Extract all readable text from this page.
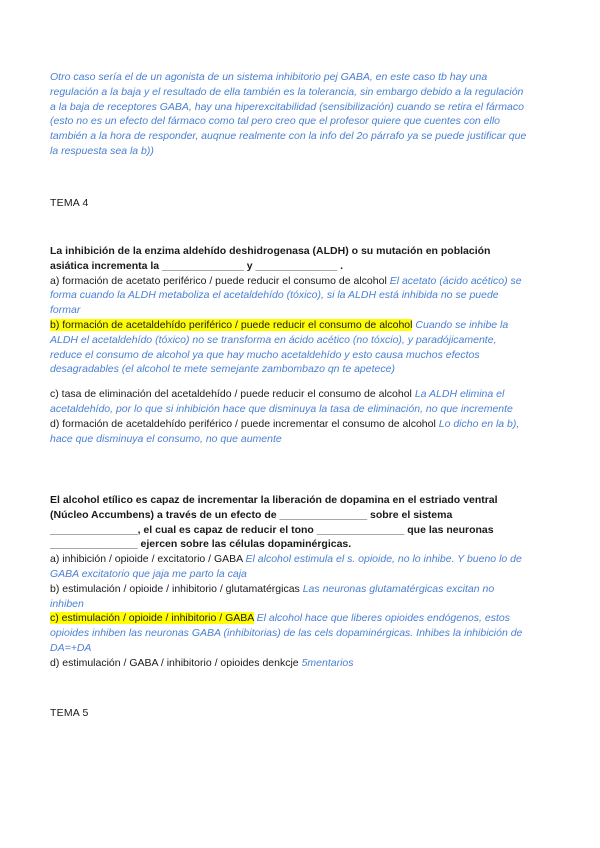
Otro caso sería el de un agonista de un sistema inhibitorio pej GABA, en este caso tb hay una regulación a la baja y el resultado de ella también es la tolerancia, sin embargo debido a la regulación a la baja de receptores GABA, hay una hiperexcitabilidad (sensibilización) cuando se retira el fármaco (esto no es un efecto del fármaco como tal pero creo que el profesor quiere que cuentes con ello también a la hora de responder, auqnue realmente con la info del 2o párrafo ya se puede justificar que la respuesta sea la b))

TEMA 4

La inhibición de la enzima aldehído deshidrogenasa (ALDH) o su mutación en población asiática incrementa la ______________ y ______________ .

a) formación de acetato periférico / puede reducir el consumo de alcohol El acetato (ácido acético) se forma cuando la ALDH metaboliza el acetaldehído (tóxico), si la ALDH está inhibida no se puede formar

b) formación de acetaldehído periférico / puede reducir el consumo de alcohol Cuando se inhibe la ALDH el acetaldehído (tóxico) no se transforma en ácido acético (no tóxcio), y paradójicamente, reduce el consumo de alcohol ya que hay mucho acetaldehído y esto causa muchos efectos desagradables (el alcohol te mete semejante zambombazo qn te apetece)

c) tasa de eliminación del acetaldehído / puede reducir el consumo de alcohol La ALDH elimina el acetaldehído, por lo que si inhibición hace que disminuya la tasa de eliminación, no que incremente

d) formación de acetaldehído periférico / puede incrementar el consumo de alcohol Lo dicho en la b), hace que disminuya el consumo, no que aumente

El alcohol etílico es capaz de incrementar la liberación de dopamina en el estriado ventral (Núcleo Accumbens) a través de un efecto de _______________ sobre el sistema _______________, el cual es capaz de reducir el tono _______________ que las neuronas _______________ ejercen sobre las células dopaminérgicas.

a) inhibición / opioide / excitatorio / GABA El alcohol estimula el s. opioide, no lo inhibe. Y bueno lo de GABA excitatorio que jaja me parto la caja

b) estimulación / opioide / inhibitorio / glutamatérgicas Las neuronas glutamatérgicas excitan no inhiben

c) estimulación / opioide / inhibitorio / GABA El alcohol hace que liberes opioides endógenos, estos opioides inhiben las neuronas GABA (inhibitorias) de las cels dopaminérgicas. Inhibes la inhibición de DA=+DA

d) estimulación / GABA / inhibitorio / opioides denkcje 5mentarios

TEMA 5
